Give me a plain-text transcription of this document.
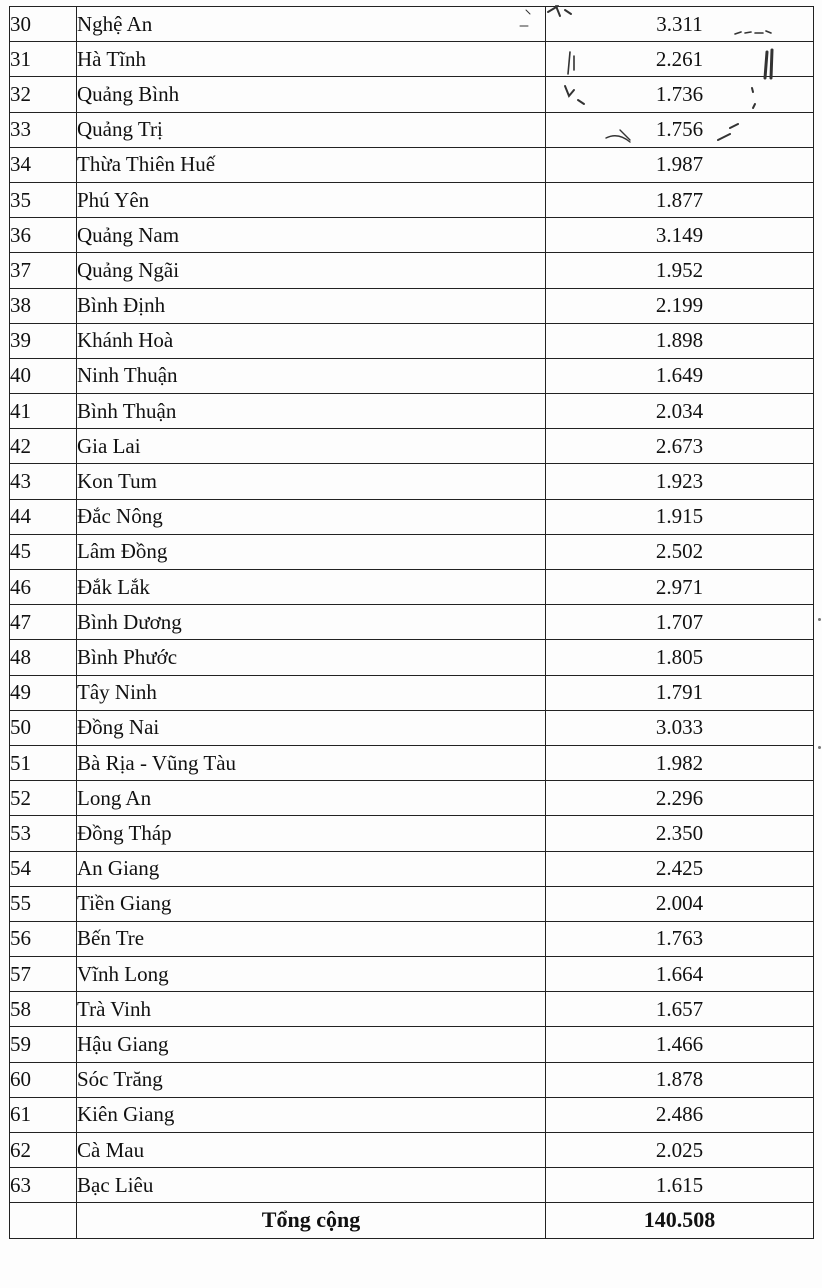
30	Nghệ An	3.311
31	Hà Tĩnh	2.261
32	Quảng Bình	1.736
33	Quảng Trị	1.756
34	Thừa Thiên Huế	1.987
35	Phú Yên	1.877
36	Quảng Nam	3.149
37	Quảng Ngãi	1.952
38	Bình Định	2.199
39	Khánh Hoà	1.898
40	Ninh Thuận	1.649
41	Bình Thuận	2.034
42	Gia Lai	2.673
43	Kon Tum	1.923
44	Đắc Nông	1.915
45	Lâm Đồng	2.502
46	Đắk Lắk	2.971
47	Bình Dương	1.707
48	Bình Phước	1.805
49	Tây Ninh	1.791
50	Đồng Nai	3.033
51	Bà Rịa - Vũng Tàu	1.982
52	Long An	2.296
53	Đồng Tháp	2.350
54	An Giang	2.425
55	Tiền Giang	2.004
56	Bến Tre	1.763
57	Vĩnh Long	1.664
58	Trà Vinh	1.657
59	Hậu Giang	1.466
60	Sóc Trăng	1.878
61	Kiên Giang	2.486
62	Cà Mau	2.025
63	Bạc Liêu	1.615
	Tổng cộng	140.508
